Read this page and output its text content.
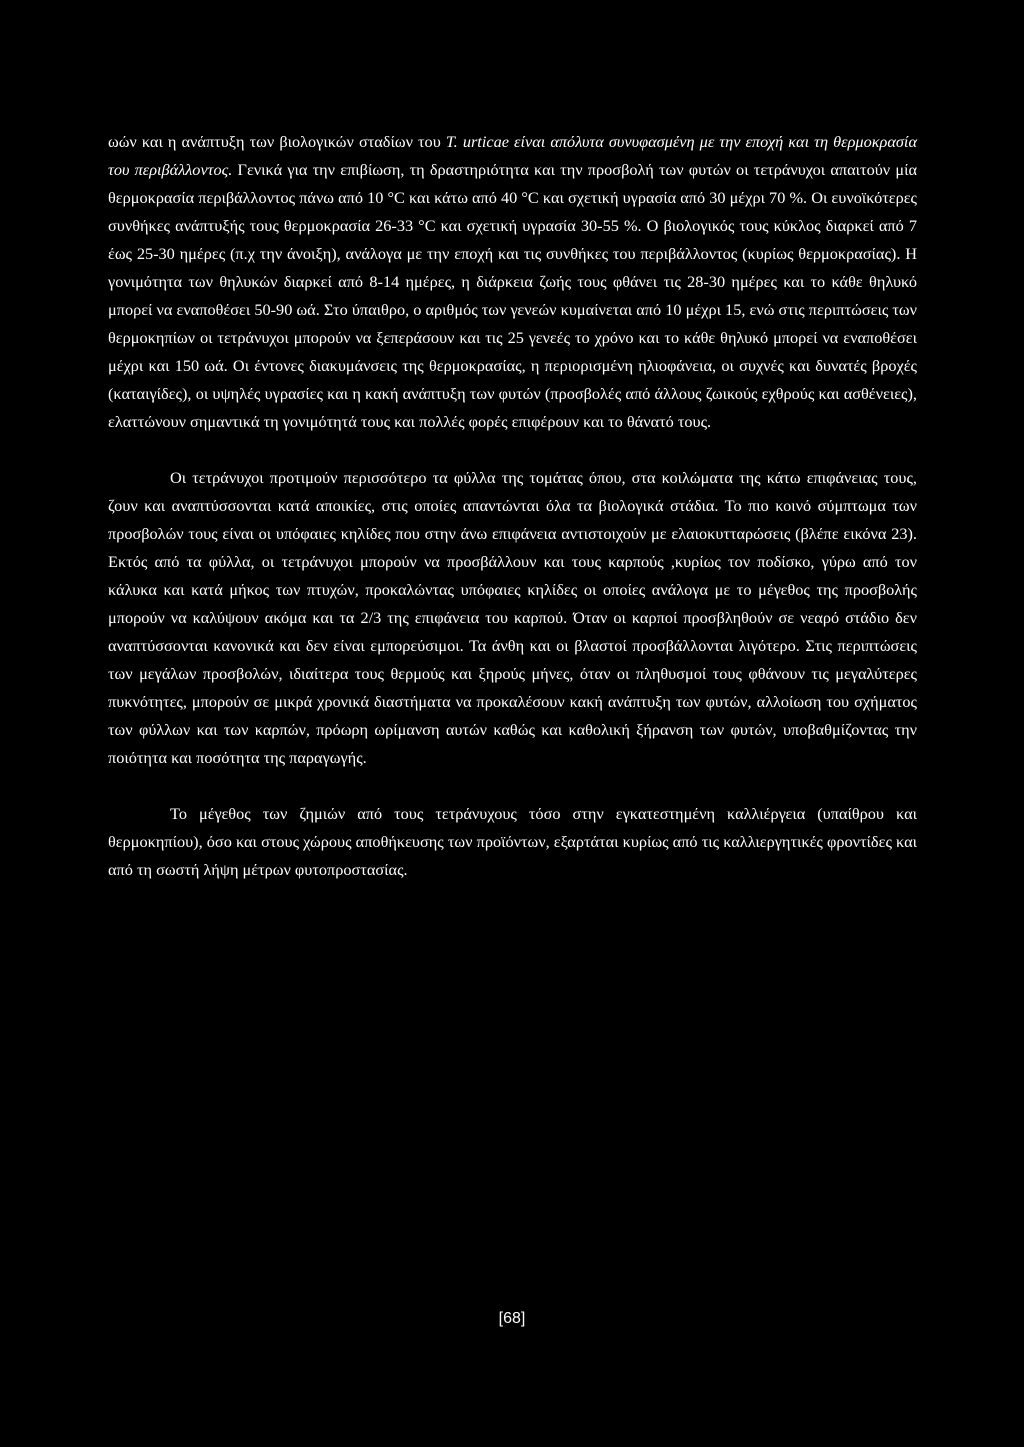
ωών και η ανάπτυξη των βιολογικών σταδίων του T. urticae είναι απόλυτα συνυφασμένη με την εποχή και τη θερμοκρασία του περιβάλλοντος. Γενικά για την επιβίωση, τη δραστηριότητα και την προσβολή των φυτών οι τετράνυχοι απαιτούν μία θερμοκρασία περιβάλλοντος πάνω από 10 °C και κάτω από 40 °C και σχετική υγρασία από 30 μέχρι 70 %. Οι ευνοϊκότερες συνθήκες ανάπτυξής τους θερμοκρασία 26-33 °C και σχετική υγρασία 30-55 %. Ο βιολογικός τους κύκλος διαρκεί από 7 έως 25-30 ημέρες (π.χ την άνοιξη), ανάλογα με την εποχή και τις συνθήκες του περιβάλλοντος (κυρίως θερμοκρασίας). Η γονιμότητα των θηλυκών διαρκεί από 8-14 ημέρες, η διάρκεια ζωής τους φθάνει τις 28-30 ημέρες και το κάθε θηλυκό μπορεί να εναποθέσει 50-90 ωά. Στο ύπαιθρο, ο αριθμός των γενεών κυμαίνεται από 10 μέχρι 15, ενώ στις περιπτώσεις των θερμοκηπίων οι τετράνυχοι μπορούν να ξεπεράσουν και τις 25 γενεές το χρόνο και το κάθε θηλυκό μπορεί να εναποθέσει μέχρι και 150 ωά. Οι έντονες διακυμάνσεις της θερμοκρασίας, η περιορισμένη ηλιοφάνεια, οι συχνές και δυνατές βροχές (καταιγίδες), οι υψηλές υγρασίες και η κακή ανάπτυξη των φυτών (προσβολές από άλλους ζωικούς εχθρούς και ασθένειες), ελαττώνουν σημαντικά τη γονιμότητά τους και πολλές φορές επιφέρουν και το θάνατό τους.

Οι τετράνυχοι προτιμούν περισσότερο τα φύλλα της τομάτας όπου, στα κοιλώματα της κάτω επιφάνειας τους, ζουν και αναπτύσσονται κατά αποικίες, στις οποίες απαντώνται όλα τα βιολογικά στάδια. Το πιο κοινό σύμπτωμα των προσβολών τους είναι οι υπόφαιες κηλίδες που στην άνω επιφάνεια αντιστοιχούν με ελαιοκυτταρώσεις (βλέπε εικόνα 23). Εκτός από τα φύλλα, οι τετράνυχοι μπορούν να προσβάλλουν και τους καρπούς ,κυρίως τον ποδίσκο, γύρω από τον κάλυκα και κατά μήκος των πτυχών, προκαλώντας υπόφαιες κηλίδες οι οποίες ανάλογα με το μέγεθος της προσβολής μπορούν να καλύψουν ακόμα και τα 2/3 της επιφάνεια του καρπού. Όταν οι καρποί προσβληθούν σε νεαρό στάδιο δεν αναπτύσσονται κανονικά και δεν είναι εμπορεύσιμοι. Τα άνθη και οι βλαστοί προσβάλλονται λιγότερο. Στις περιπτώσεις των μεγάλων προσβολών, ιδιαίτερα τους θερμούς και ξηρούς μήνες, όταν οι πληθυσμοί τους φθάνουν τις μεγαλύτερες πυκνότητες, μπορούν σε μικρά χρονικά διαστήματα να προκαλέσουν κακή ανάπτυξη των φυτών, αλλοίωση του σχήματος των φύλλων και των καρπών, πρόωρη ωρίμανση αυτών καθώς και καθολική ξήρανση των φυτών, υποβαθμίζοντας την ποιότητα και ποσότητα της παραγωγής.

Το μέγεθος των ζημιών από τους τετράνυχους τόσο στην εγκατεστημένη καλλιέργεια (υπαίθρου και θερμοκηπίου), όσο και στους χώρους αποθήκευσης των προϊόντων, εξαρτάται κυρίως από τις καλλιεργητικές φροντίδες και από τη σωστή λήψη μέτρων φυτοπροστασίας.

[68]
